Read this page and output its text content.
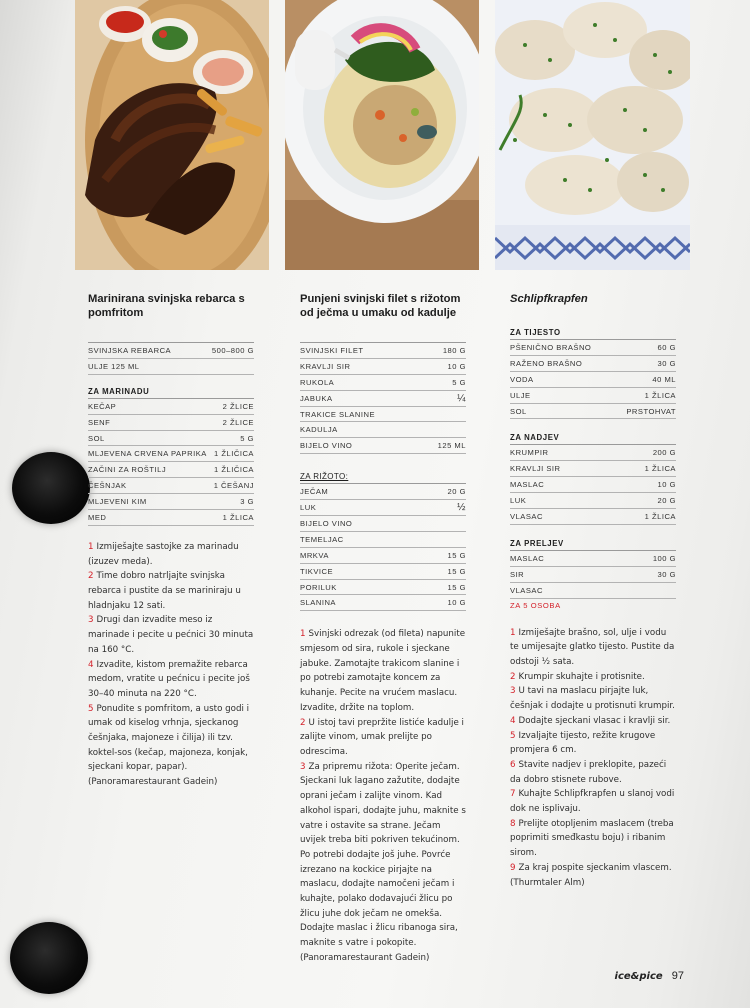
Marinirana svinjska rebarca s pomfritom
SVINJSKA REBARCA	500–800 G
ULJE 125 ML
ZA MARINADU
KEČAP	2 ŽLICE
SENF	2 ŽLICE
SOL	5 G
MLJEVENA CRVENA PAPRIKA 1 ŽLIČICA
ZAČINI ZA ROŠTILJ	1 ŽLIČICA
ČEŠNJAK	1 ČEŠANJ
MLJEVENI KIM	3 G
MED	1 ŽLICA
1 Izmiješajte sastojke za marinadu (izuzev meda).
2 Time dobro natrljajte svinjska rebarca i pustite da se mariniraju u hladnjaku 12 sati.
3 Drugi dan izvadite meso iz marinade i pecite u pećnici 30 minuta na 160 °C.
4 Izvadite, kistom premažite rebarca medom, vratite u pećnicu i pecite još 30–40 minuta na 220 °C.
5 Ponudite s pomfritom, a usto godi i umak od kiselog vrhnja, sjeckanog češnjaka, majoneze i čilija) ili tzv. koktel-sos (kečap, majoneza, konjak, sjeckani kopar, papar). (Panoramarestaurant Gadein)
Punjeni svinjski filet s rižotom od ječma u umaku od kadulje
SVINJSKI FILET	180 G
KRAVLJI SIR	10 G
RUKOLA	5 G
JABUKA	¼
TRAKICE SLANINE
KADULJA
BIJELO VINO	125 ML
ZA RIŽOTO:
JEČAM	20 G
LUK	½
BIJELO VINO
TEMELJAC
MRKVA	15 G
TIKVICE	15 G
PORILUK	15 G
SLANINA	10 G
1 Svinjski odrezak (od fileta) napunite smjesom od sira, rukole i sjeckane jabuke. Zamotajte trakicom slanine i po potrebi zamotajte koncem za kuhanje. Pecite na vrućem maslacu. Izvadite, držite na toplom.
2 U istoj tavi prepržite listiće kadulje i zalijte vinom, umak prelijte po odrescima.
3 Za pripremu rižota: Operite ječam. Sjeckani luk lagano zažutite, dodajte oprani ječam i zalijte vinom. Kad alkohol ispari, dodajte juhu, maknite s vatre i ostavite sa strane. Ječam uvijek treba biti pokriven tekućinom. Po potrebi dodajte još juhe. Povrće izrezano na kockice pirjajte na maslacu, dodajte namočeni ječam i kuhajte, polako dodavajući žlicu po žlicu juhe dok ječam ne omekša. Dodajte maslac i žlicu ribanoga sira, maknite s vatre i pokopite. (Panoramarestaurant Gadein)
Schlipfkrapfen
ZA TIJESTO
PŠENIČNO BRAŠNO	60 G
RAŽENO BRAŠNO	30 G
VODA	40 ML
ULJE	1 ŽLICA
SOL	PRSTOHVAT
ZA NADJEV
KRUMPIR	200 G
KRAVLJI SIR	1 ŽLICA
MASLAC	10 G
LUK	20 G
VLASAC	1 ŽLICA
ZA PRELJEV
MASLAC	100 G
SIR	30 G
VLASAC
ZA 5 OSOBA
1 Izmiješajte brašno, sol, ulje i vodu te umijesajte glatko tijesto. Pustite da odstoji ½ sata.
2 Krumpir skuhajte i protisnite.
3 U tavi na maslacu pirjajte luk, češnjak i dodajte u protisnuti krumpir.
4 Dodajte sjeckani vlasac i kravlji sir.
5 Izvaljajte tijesto, režite krugove promjera 6 cm.
6 Stavite nadjev i preklopite, pazeći da dobro stisnete rubove.
7 Kuhajte Schlipfkrapfen u slanoj vodi dok ne isplivaju.
8 Prelijte otopljenim maslacem (treba poprimiti smeđkastu boju) i ribanim sirom.
9 Za kraj pospite sjeckanim vlascem. (Thurmtaler Alm)
ice&pice 97
